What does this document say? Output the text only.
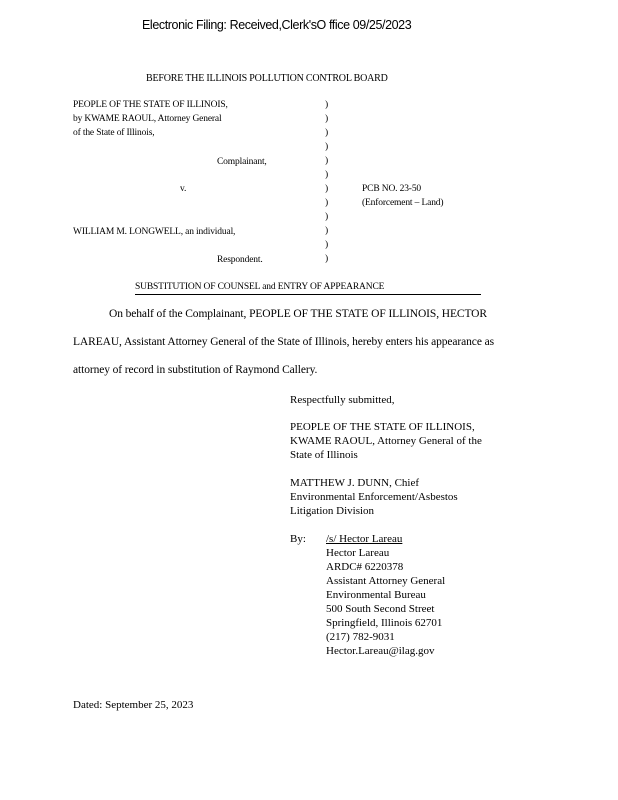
Electronic Filing: Received,Clerk'sO ffice 09/25/2023
BEFORE THE ILLINOIS POLLUTION CONTROL BOARD
PEOPLE OF THE STATE OF ILLINOIS,
by KWAME RAOUL, Attorney General
of the State of Illinois,
Complainant,
v.
WILLIAM M. LONGWELL, an individual,
Respondent.
)
)
)
)
)
)
)
)
)
)
)
)
PCB NO. 23-50
(Enforcement – Land)
SUBSTITUTION OF COUNSEL and ENTRY OF APPEARANCE
On behalf of the Complainant, PEOPLE OF THE STATE OF ILLINOIS, HECTOR
LAREAU, Assistant Attorney General of the State of Illinois, hereby enters his appearance as
attorney of record in substitution of Raymond Callery.
Respectfully submitted,
PEOPLE OF THE STATE OF ILLINOIS,
KWAME RAOUL, Attorney General of the
State of Illinois
MATTHEW J. DUNN, Chief
Environmental Enforcement/Asbestos
Litigation Division
By: /s/ Hector Lareau
Hector Lareau
ARDC# 6220378
Assistant Attorney General
Environmental Bureau
500 South Second Street
Springfield, Illinois 62701
(217) 782-9031
Hector.Lareau@ilag.gov
Dated: September 25, 2023
